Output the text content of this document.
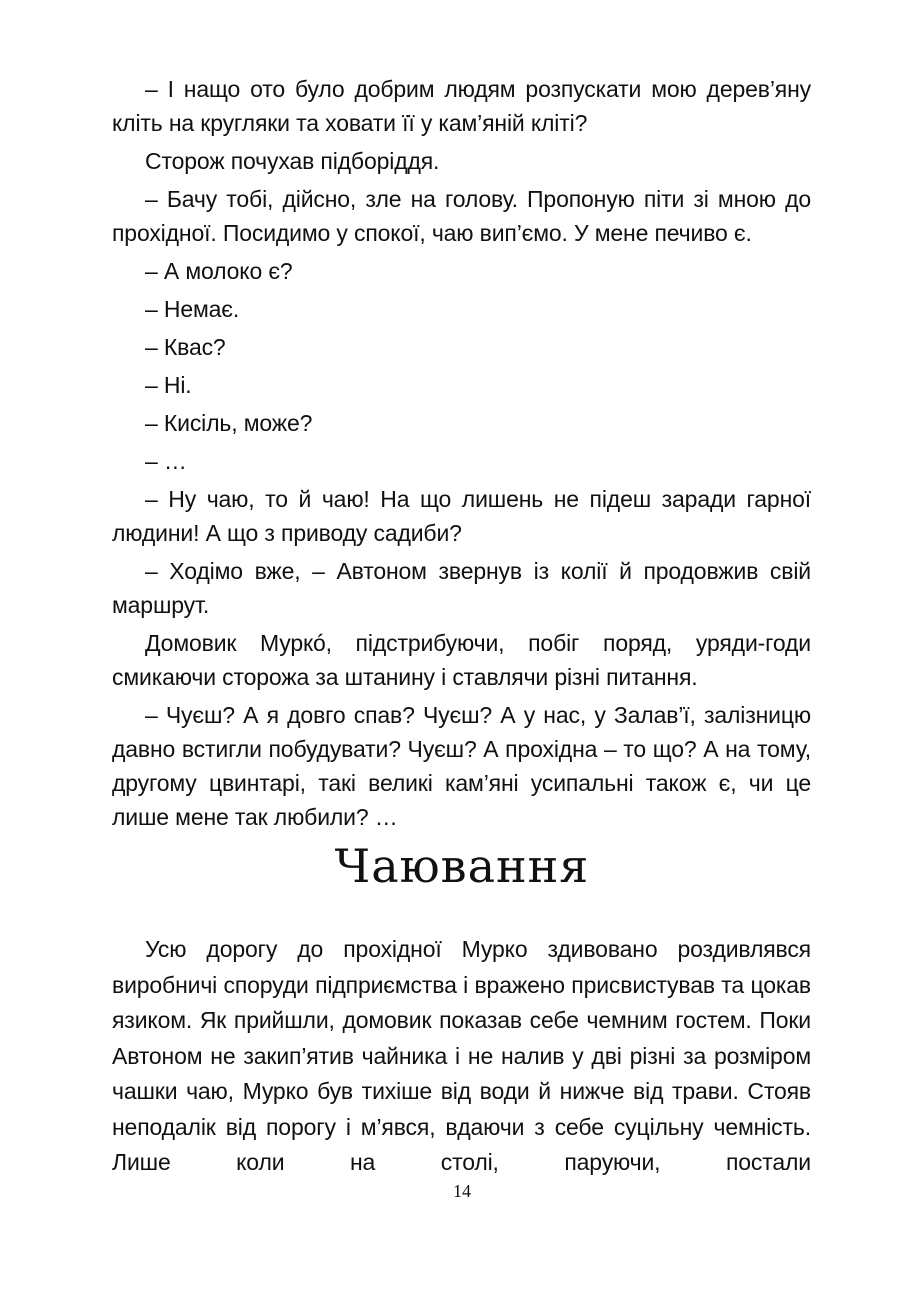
– І нащо ото було добрим людям розпускати мою дерев’яну кліть на кругляки та ховати її у кам’яній кліті?

Сторож почухав підборіддя.

– Бачу тобі, дійсно, зле на голову. Пропоную піти зі мною до прохідної. Посидимо у спокої, чаю вип’ємо. У мене печиво є.

– А молоко є?

– Немає.

– Квас?

– Ні.

– Кисіль, може?

– …

– Ну чаю, то й чаю! На що лишень не підеш заради гарної людини! А що з приводу садиби?

– Ходімо вже, – Автоном звернув із колії й продовжив свій маршрут.

Домовик Муркó, підстрибуючи, побіг поряд, уряди-годи смикаючи сторожа за штанину і ставлячи різні питання.

– Чуєш? А я довго спав? Чуєш? А у нас, у Залав’ї, залізницю давно встигли побудувати? Чуєш? А прохідна – то що? А на тому, другому цвинтарі, такі великі кам’яні усипальні також є, чи це лише мене так любили? …

Чаювання

Усю дорогу до прохідної Мурко здивовано роздивлявся виробничі споруди підприємства і вражено присвистував та цокав язиком. Як прийшли, домовик показав себе чемним гостем. Поки Автоном не закип’ятив чайника і не налив у дві різні за розміром чашки чаю, Мурко був тихіше від води й нижче від трави. Стояв неподалік від порогу і м’явся, вдаючи з себе суцільну чемність. Лише коли на столі, паруючи, постали

14
